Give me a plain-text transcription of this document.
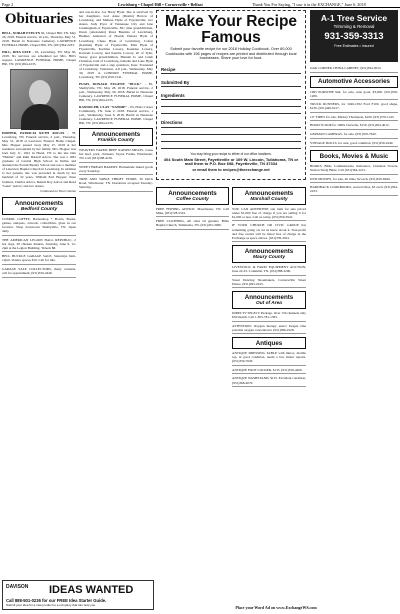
Page 2	Lewisburg • Chapel Hill • Cornersville • Belfast	Thank You For Saying, "I saw it in the EXCHANGE," June 6, 2018
Obituaries
BELL, NORAH EVELYN 62, Chapel Hill, TN. May 26, 2018. Funeral service, 10 a.m., Thursday, May 31, 2018. Burial in Nazarene Cemetery. LAWRENCE FUNERAL HOME, Chapel Hill, TN. (931)364-2233.
HILL, RITA FAYE - 63, Lewisburg, TN. May 30, 2018. No services are scheduled per Mrs. Hill's request. LAWRENCE FUNERAL HOME, Chapel Hill, TN. (931)364-2233.
HOPPER, PATRICIA RUTH ADCOX - 78, Lewisburg, TN. Funeral service, 2 p.m., Thursday, May 31, 2018 at Lawrence Funeral Home Chapel. Mrs. Hopper passed away May 27, 2018 at her residence surrounded by her family. Mrs. Hopper was born July 11, 1941 in Hazel, TN to the late Dan "Helmer" and Ruth Darnell Adcox. She was a 1961 graduate of Central High School in Dallas and attended the Forum Beauty School and was a member of Lakeview Baptist Church in Lewisburg. In addition to her parents, she was preceded in death by her husband of 32 years, William Earl Hopper; three brothers, Charles Adcox, Dennis Roy Adcox and Reed "Gene" Adcox; and two sisters.
Continued on Next Column
Announcements
Bedford County
COSMIC COFFEE, Barbershop + Bowls, Books, games, antiques, artwork, collectibles, glass in our location. Shop downtown Shelbyville, TN. Open daily.
THE AMERICAN LEGION HALL REPUBLIC, 2 hot dogs, 20 chicken dinners, Saturday, June 9, 12-2pm at the Legion Building. Tickets $8.
BELL BUCKLE GARAGE SALE, Saturdays 6am-12pm. Vendor spaces $10. Call for info.
GARAGE SALE COLLECTORS, many contents, call for appointment; (931)359-2440.
and son-in-law, Joe Harry Hyde. She is survived by her daughters, Lori Anne (Dustin) Barrow of Lewisburg, and Melissa Hyde of Fayetteville; two sisters, Judy Pryor of Tennessee City and Jane Cunningham of Fayetteville, NC; nine grandchildren, Dawn (Alexander) Perez Bautista of Lewisburg, Heather Anderson of Hoenh, Dakota Hyde of Lewisburg, Chase Hyde of Lewisburg, Colton (Karmen) Hyde of Fayetteville, Matt Hyde of Fayetteville, Kachina Lowery, Kassidee Lowery, Konrads Lowery, and Kendra Lowery, all of Tyler, Texas; great grandchildren, Hannah Jo and Caleb Christian, both of Lewisburg, Isabelle and Lane Hyde of Fayetteville and a step grandson, Isaac Townsend of Lewisburg. Visitation, 4-8 p.m., Wednesday, May 30, 2018 at LONDON FUNERAL HOME, Lewisburg, TN. (931)359-1541.
PUGH, DONALD EUGENE "DUCK" - 85, Shelbyville, TN. May 28, 2018. Funeral service, 2 p.m., Wednesday, May 30, 2018. Burial in Nazarene Cemetery. LAWRENCE FUNERAL HOME, Chapel Hill, TN. (931)364-2233.
RANDOLPH, CLAY "NANDIE" - 63, Holts Corner Community, TN. June 2, 2018. Funeral service, 1 p.m., Wednesday, June 6, 2018. Burial in Nazarene Cemetery. LAWRENCE FUNERAL HOME, Chapel Hill, TN. (931)364-2233.
Announcements
Franklin County
WEAVERS FARMS BEEF RAISED MEATS. Grass fed beef, pork, chickens. Taylor Farms, Winchester, TN. Call (931)308-4150.
SWEET BREAD BAKERY. Homemade baked goods every Saturday.
TREE AND TABLE THRIFT STORE, 30 Davis Road, Winchester, TN. Donations accepted Tuesday-Saturday.
Make Your Recipe Famous
Submit your favorite recipe for our 2018 Holiday Cookbook. Over 80,000 Cookbooks with 196 pages of recipes are printed and distributed through local businesses. Share your love for food.
Recipe
Submitted By
Ingredients
Directions
You may bring your recipe to either of our office locations:
404 South Main Street, Fayetteville or 109 W. Lincoln, Tullahoma, TN or mail them to P.O. Box 698, Fayetteville, TN 37334
or email them to recipes@theexchange.net
Announcements
Coffee County
FREE FISHING ADVICE, Manchester, TN. Call Mike, (931)728-5522.
FREE CLOTHING, All sizes all genders. Bible Baptist Church, Tullahoma, TN. (931)455-3060.
Announcements
Marshall County
YOU CAN ADVERTISE one item for sale priced under $1,000 free of charge if you are selling it for $1,000 or less. Call us today, (931)359-3941.
IF YOUR CHURCH OR CIVIC GROUP has something going on, let us know about it. Non-profit and free events will be listed free of charge in the Exchange as space allows. (931)359-3941.
Announcements
Maury County
LIVESTOCK & FARM EQUIPMENT AUCTION, June 22-23. Columbia, TN. (931)388-2200.
Street Dancing Shoemakers, Cornersville Street Dance, (931)293-2245.
Announcements
Out of Area
DIRECTV SELECT Package. Over 150 channels only $35/month. Call 1-855-781-1565.
ATTENTION: Oxygen therapy users! Inogen One portable oxygen concentrator. (931)386-2228.
Antiques
ANTIQUE DRESSING TABLE with mirror, marble top, in good condition, needs a few minor repairs. (931)359-7620.
ANTIQUE FOOT LOCKER, $135. (931)359-4400.
ANTIQUE WASHSTAND, $125. Excellent condition. (931)368-4070.
A-1 Tree Service
Trimming & Removal
931-359-3313
Free Estimates • Insured
OAK CORNER CHINA CABINET, (931)364-0012.
Automotive Accessories
1995 PORSCHE 944, for sale, runs good, $3,000. (931)359-1209.
TRUCK RUNNERS, for 1940-1952 Ford F100, good shape, $130. (931)446-0217.
10" TIRES for sale, Mickey Thompson, $100. (931)379-1145.
HOOD SCOOP for 1960s Chevelle, $150. (931)364-4012.
GERMAN CAMERAS, for sale. (931)359-7620.
VINTAGE DOLLS, for sale, good condition. (931)359-2440.
Books, Movies & Music
BOOKS, Bible Commentaries, Reference, Christian Novels, Nelson Study Bible. Call (931)364-2215.
DVD MOVIES, for sale, 40 titles, $2 each. (931)359-6640.
HARDBACK COOKBOOKS, several titles, $3 each. (931)364-2233.
DAVISON IDEAS WANTED
Call 888-501-0236 for our FREE Idea Starter Guide.
Submit your idea for a new product to a company that can help you.	Place your Word Ad on www.ExchangeWS.com
